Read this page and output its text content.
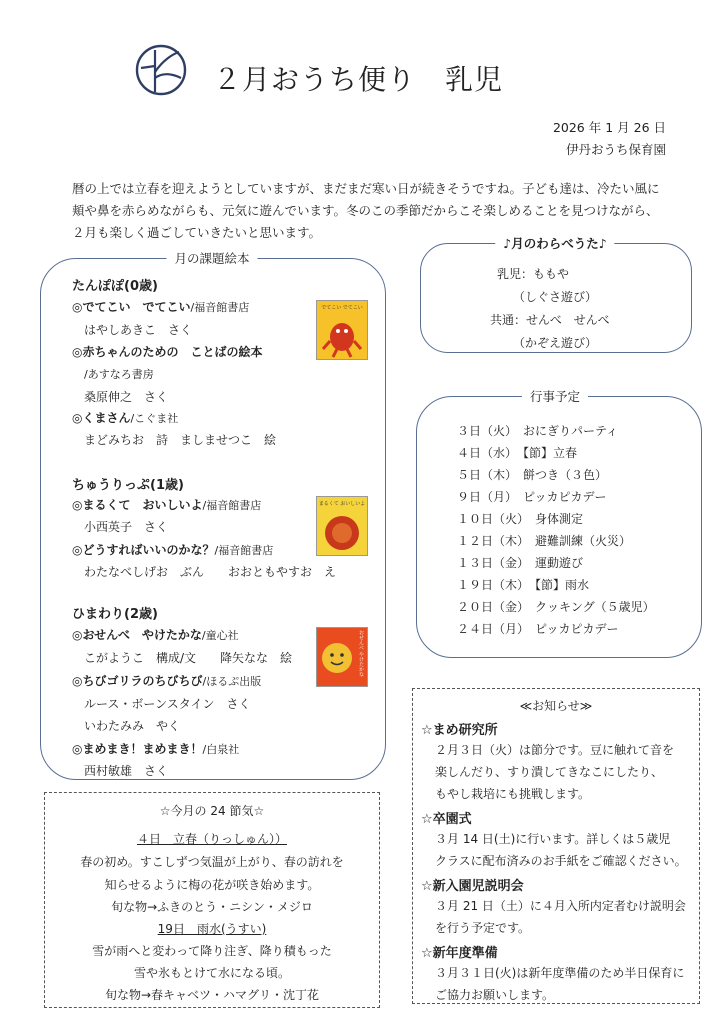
２月おうち便り　乳児
2026 年 1 月 26 日
伊丹おうち保育園
暦の上では立春を迎えようとしていますが、まだまだ寒い日が続きそうですね。子ども達は、冷たい風に
頬や鼻を赤らめながらも、元気に遊んでいます。冬のこの季節だからこそ楽しめることを見つけながら、
２月も楽しく過ごしていきたいと思います。
月の課題絵本
たんぽぽ(0歳)
◎でてこい　でてこい/福音館書店
はやしあきこ　さく
◎赤ちゃんのための　ことばの絵本
/あすなろ書房
桑原伸之　さく
◎くまさん/こぐま社
まどみちお　詩　ましませつこ　絵
ちゅうりっぷ(1歳)
◎まるくて　おいしいよ/福音館書店
小西英子　さく
◎どうすればいいのかな？/福音館書店
わたなべしげお　ぶん　　おおともやすお　え
ひまわり(2歳)
◎おせんべ　やけたかな/童心社
こがようこ　構成/文　　降矢なな　絵
◎ちびゴリラのちびちび/ほるぷ出版
ルース・ボーンスタイン　さく
いわたみみ　やく
◎まめまき！まめまき！/白泉社
西村敏雄　さく
でてこい でてこい
まるくて おいしいよ
おせんべ やけたかな
♪月のわらべうた♪
乳児：ももや
（しぐさ遊び）
共通：せんべ　せんべ
（かぞえ遊び）
行事予定
３日（火）　おにぎりパーティ
４日（水）　【節】立春
５日（木）　餅つき（３色）
９日（月）　ピッカピカデー
１０日（火）　身体測定
１２日（木）　避難訓練（火災）
１３日（金）　運動遊び
１９日（木）　【節】雨水
２０日（金）　クッキング（５歳児）
２４日（月）　ピッカピカデー
☆今月の 24 節気☆
４日　立春（りっしゅん））
春の初め。すこしずつ気温が上がり、春の訪れを
知らせるように梅の花が咲き始めます。
旬な物→ふきのとう・ニシン・メジロ
19日　雨水(うすい)
雪が雨へと変わって降り注ぎ、降り積もった
雪や氷もとけて水になる頃。
旬な物→春キャベツ・ハマグリ・沈丁花
≪お知らせ≫
☆まめ研究所
２月３日（火）は節分です。豆に触れて音を
楽しんだり、すり潰してきなこにしたり、
もやし栽培にも挑戦します。
☆卒園式
３月 14 日(土)に行います。詳しくは５歳児
クラスに配布済みのお手紙をご確認ください。
☆新入園児説明会
３月 21 日（土）に４月入所内定者むけ説明会
を行う予定です。
☆新年度準備
３月３１日(火)は新年度準備のため半日保育に
ご協力お願いします。
